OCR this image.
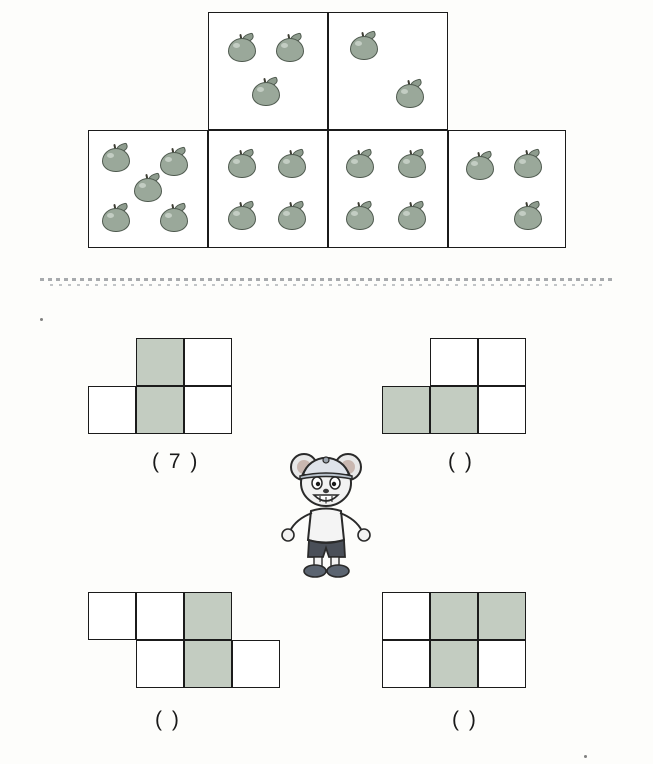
( 7 )	( )
( )	( )
